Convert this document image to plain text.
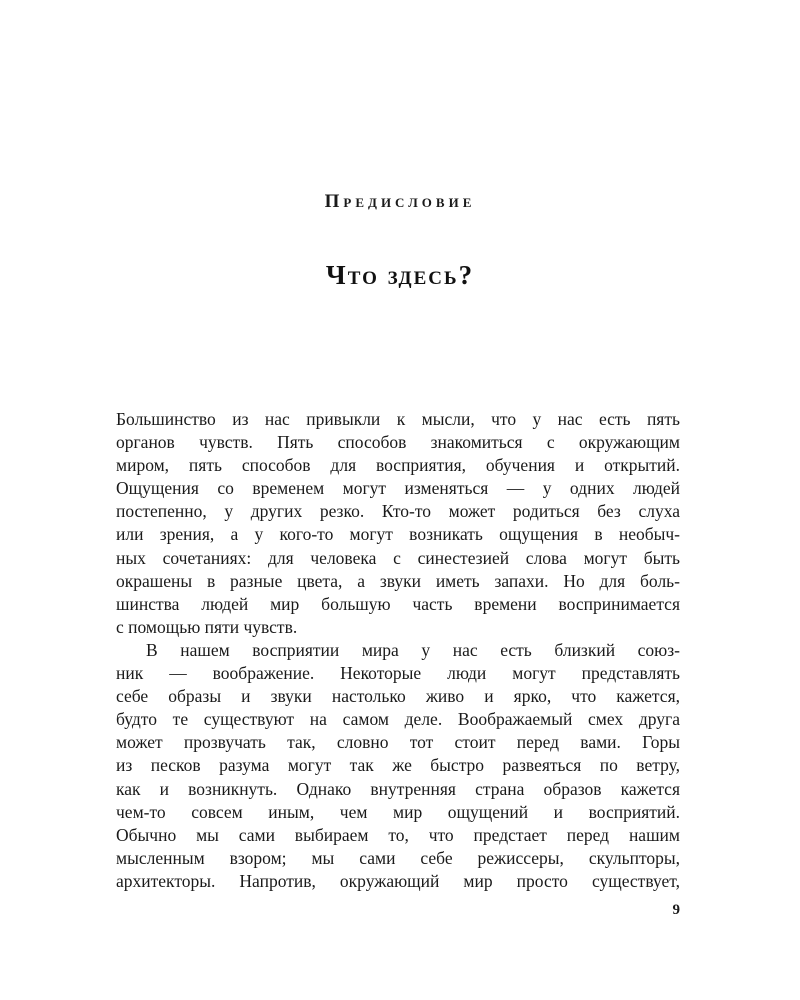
Предисловие
Что здесь?
Большинство из нас привыкли к мысли, что у нас есть пять
органов чувств. Пять способов знакомиться с окружающим
миром, пять способов для восприятия, обучения и открытий.
Ощущения со временем могут изменяться — у одних людей
постепенно, у других резко. Кто-то может родиться без слуха
или зрения, а у кого-то могут возникать ощущения в необыч-
ных сочетаниях: для человека с синестезией слова могут быть
окрашены в разные цвета, а звуки иметь запахи. Но для боль-
шинства людей мир большую часть времени воспринимается
с помощью пяти чувств.
В нашем восприятии мира у нас есть близкий союз-
ник — воображение. Некоторые люди могут представлять
себе образы и звуки настолько живо и ярко, что кажется,
будто те существуют на самом деле. Воображаемый смех друга
может прозвучать так, словно тот стоит перед вами. Горы
из песков разума могут так же быстро развеяться по ветру,
как и возникнуть. Однако внутренняя страна образов кажется
чем-то совсем иным, чем мир ощущений и восприятий.
Обычно мы сами выбираем то, что предстает перед нашим
мысленным взором; мы сами себе режиссеры, скульпторы,
архитекторы. Напротив, окружающий мир просто существует,
9
